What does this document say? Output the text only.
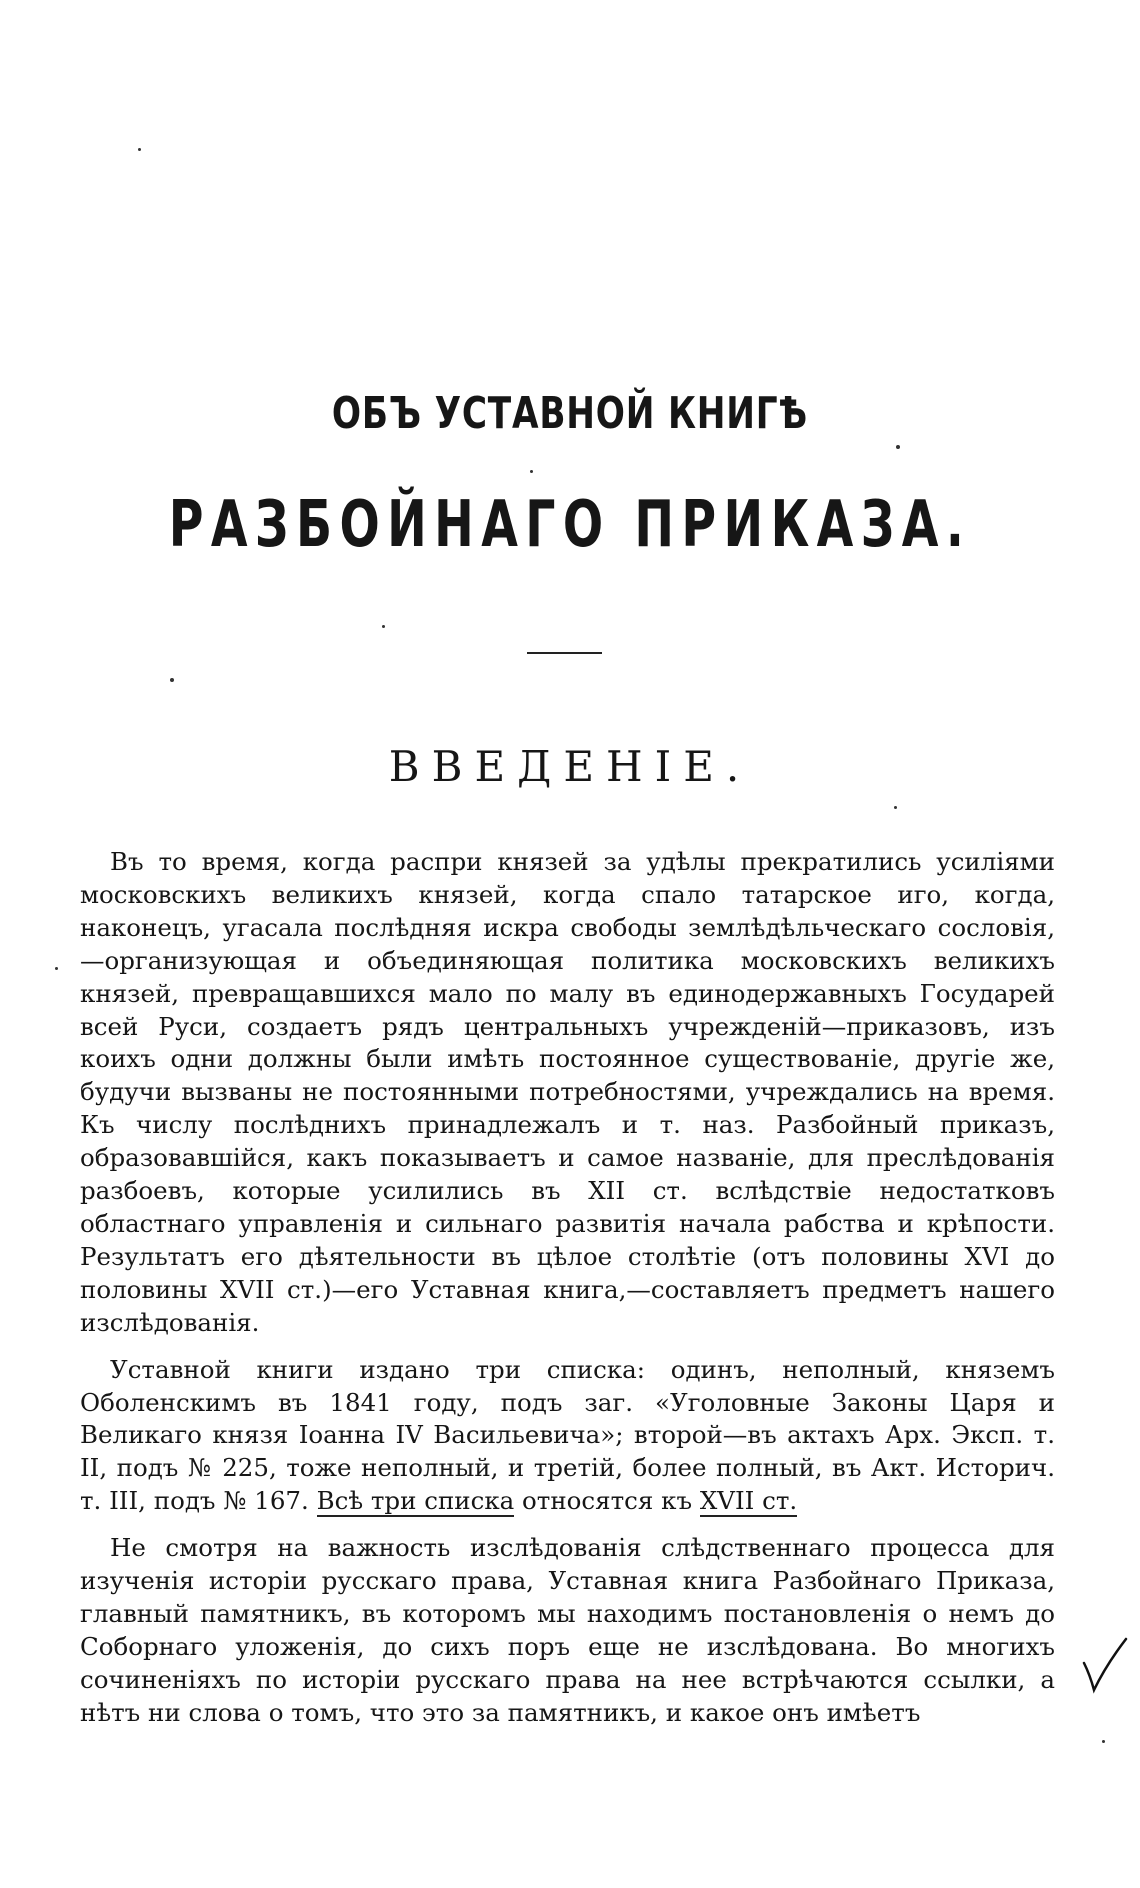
ОБЪ УСТАВНОЙ КНИГѢ
РАЗБОЙНАГО ПРИКАЗА.
ВВЕДЕНIЕ.

Въ то время, когда распри князей за удѣлы прекратились усиліями московскихъ великихъ князей, когда спало татарское иго, когда, наконецъ, угасала послѣдняя искра свободы землѣдѣльческаго сословія,—организующая и объединяющая политика московскихъ великихъ князей, превращавшихся мало по малу въ единодержавныхъ Государей всей Руси, создаетъ рядъ центральныхъ учрежденій—приказовъ, изъ коихъ одни должны были имѣть постоянное существованіе, другіе же, будучи вызваны не постоянными потребностями, учреждались на время. Къ числу послѣднихъ принадлежалъ и т. наз. Разбойный приказъ, образовавшійся, какъ показываетъ и самое названіе, для преслѣдованія разбоевъ, которые усилились въ XII ст. вслѣдствіе недостатковъ областнаго управленія и сильнаго развитія начала рабства и крѣпости. Результатъ его дѣятельности въ цѣлое столѣтіе (отъ половины XVI до половины XVII ст.)—его Уставная книга,—составляетъ предметъ нашего изслѣдованія.

Уставной книги издано три списка: одинъ, неполный, княземъ Оболенскимъ въ 1841 году, подъ заг. «Уголовные Законы Царя и Великаго князя Іоанна IV Васильевича»; второй—въ актахъ Арх. Эксп. т. II, подъ № 225, тоже неполный, и третій, более полный, въ Акт. Историч. т. III, подъ № 167. Всѣ три списка относятся къ XVII ст.

Не смотря на важность изслѣдованія слѣдственнаго процесса для изученія исторіи русскаго права, Уставная книга Разбойнаго Приказа, главный памятникъ, въ которомъ мы находимъ постановленія о немъ до Соборнаго уложенія, до сихъ поръ еще не изслѣдована. Во многихъ сочиненіяхъ по исторіи русскаго права на нее встрѣчаются ссылки, а нѣтъ ни слова о томъ, что это за памятникъ, и какое онъ имѣетъ
